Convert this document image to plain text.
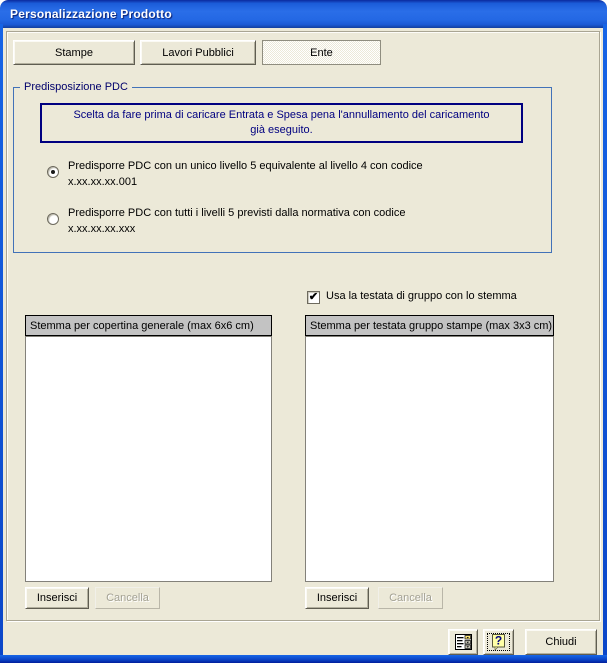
Personalizzazione Prodotto
Stampe	Lavori Pubblici	Ente
Predisposizione PDC
Scelta da fare prima di caricare Entrata e Spesa pena l'annullamento del caricamento già eseguito.
Predisporre PDC con un unico livello 5 equivalente al livello 4 con codice
x.xx.xx.xx.001
Predisporre PDC con tutti i livelli 5 previsti dalla normativa con codice
x.xx.xx.xx.xxx
✔ Usa la testata di gruppo con lo stemma
Stemma per copertina generale (max 6x6 cm)
Inserisci	Cancella
Stemma per testata gruppo stampe (max 3x3 cm)
Inserisci	Cancella
?	Chiudi
